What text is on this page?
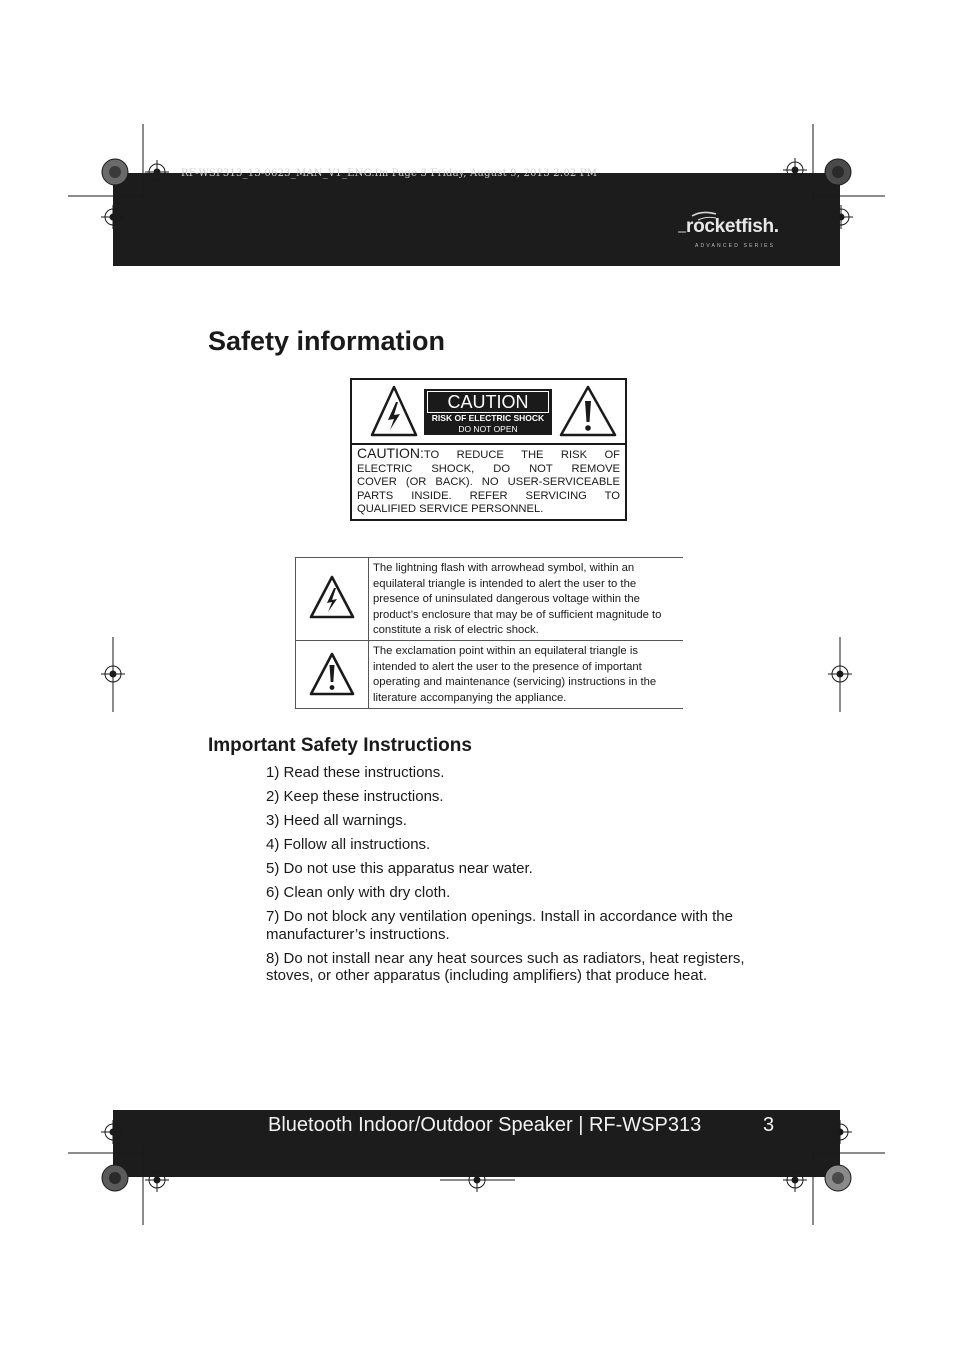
RF-WSP313_13-0623_MAN_V1_ENG.fm Page 3 Friday, August 9, 2013 2:02 PM
rocketfish.
ADVANCED SERIES
Safety information
CAUTION
RISK OF ELECTRIC SHOCK
DO NOT OPEN
CAUTION:TO REDUCE THE RISK OF
ELECTRIC SHOCK, DO NOT REMOVE
COVER (OR BACK). NO USER-SERVICEABLE
PARTS INSIDE. REFER SERVICING TO
QUALIFIED SERVICE PERSONNEL.
The lightning flash with arrowhead symbol, within an equilateral triangle is intended to alert the user to the presence of uninsulated dangerous voltage within the product’s enclosure that may be of sufficient magnitude to constitute a risk of electric shock.
The exclamation point within an equilateral triangle is intended to alert the user to the presence of important operating and maintenance (servicing) instructions in the literature accompanying the appliance.
Important Safety Instructions
1) Read these instructions.
2) Keep these instructions.
3) Heed all warnings.
4) Follow all instructions.
5) Do not use this apparatus near water.
6) Clean only with dry cloth.
7) Do not block any ventilation openings. Install in accordance with the manufacturer’s instructions.
8) Do not install near any heat sources such as radiators, heat registers, stoves, or other apparatus (including amplifiers) that produce heat.
Bluetooth Indoor/Outdoor Speaker | RF-WSP313	3
